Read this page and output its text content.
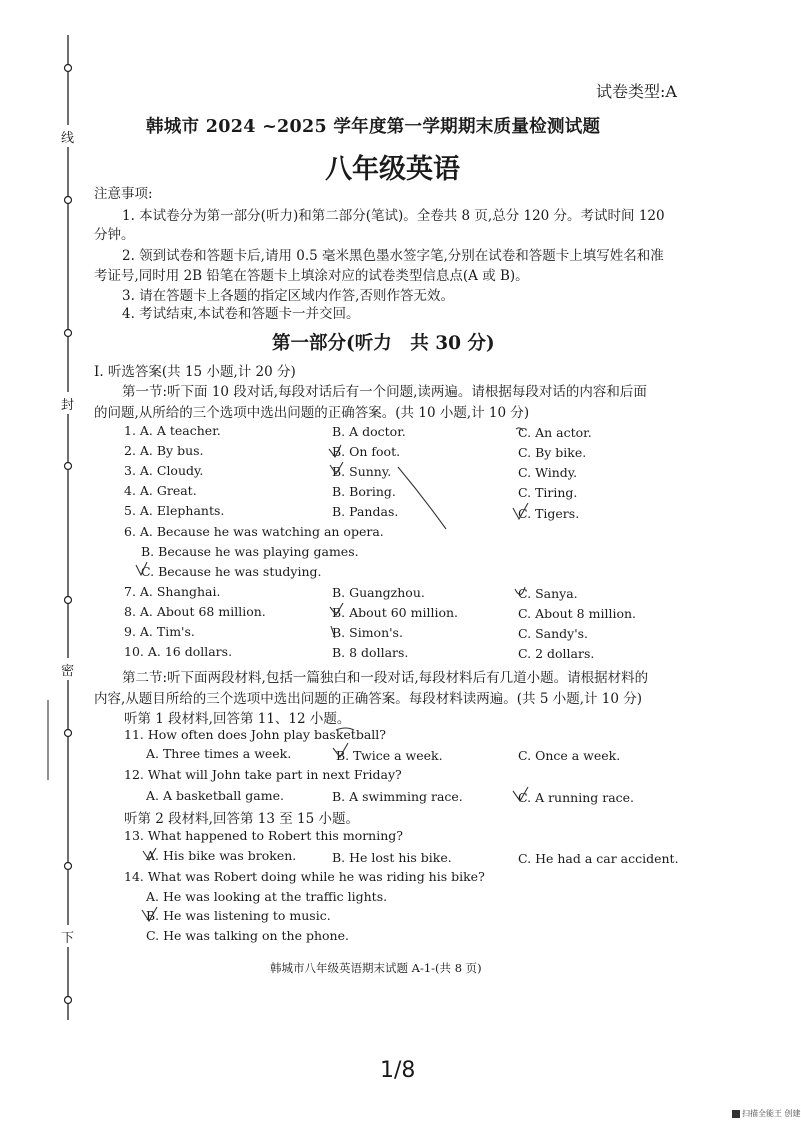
线
封
密
下
试卷类型:A
韩城市 2024 ~2025 学年度第一学期期末质量检测试题
八年级英语
注意事项:
1. 本试卷分为第一部分(听力)和第二部分(笔试)。全卷共 8 页,总分 120 分。考试时间 120
分钟。
2. 领到试卷和答题卡后,请用 0.5 毫米黑色墨水签字笔,分别在试卷和答题卡上填写姓名和准
考证号,同时用 2B 铅笔在答题卡上填涂对应的试卷类型信息点(A 或 B)。
3. 请在答题卡上各题的指定区域内作答,否则作答无效。
4. 考试结束,本试卷和答题卡一并交回。
第一部分(听力　共 30 分)
Ⅰ. 听选答案(共 15 小题,计 20 分)
第一节:听下面 10 段对话,每段对话后有一个问题,读两遍。请根据每段对话的内容和后面
的问题,从所给的三个选项中选出问题的正确答案。(共 10 小题,计 10 分)
1. A. A teacher.	B. A doctor.	C. An actor.
2. A. By bus.	B. On foot.	C. By bike.
3. A. Cloudy.	B. Sunny.	C. Windy.
4. A. Great.	B. Boring.	C. Tiring.
5. A. Elephants.	B. Pandas.	C. Tigers.
6. A. Because he was watching an opera.
B. Because he was playing games.
C. Because he was studying.
7. A. Shanghai.	B. Guangzhou.	C. Sanya.
8. A. About 68 million.	B. About 60 million.	C. About 8 million.
9. A. Tim's.	B. Simon's.	C. Sandy's.
10. A. 16 dollars.	B. 8 dollars.	C. 2 dollars.
第二节:听下面两段材料,包括一篇独白和一段对话,每段材料后有几道小题。请根据材料的
内容,从题目所给的三个选项中选出问题的正确答案。每段材料读两遍。(共 5 小题,计 10 分)
听第 1 段材料,回答第 11、12 小题。
11. How often does John play basketball?
A. Three times a week.	B. Twice a week.	C. Once a week.
12. What will John take part in next Friday?
A. A basketball game.	B. A swimming race.	C. A running race.
听第 2 段材料,回答第 13 至 15 小题。
13. What happened to Robert this morning?
A. His bike was broken.	B. He lost his bike.	C. He had a car accident.
14. What was Robert doing while he was riding his bike?
A. He was looking at the traffic lights.
B. He was listening to music.
C. He was talking on the phone.
韩城市八年级英语期末试题 A-1-(共 8 页)
1/8
扫描全能王 创建
